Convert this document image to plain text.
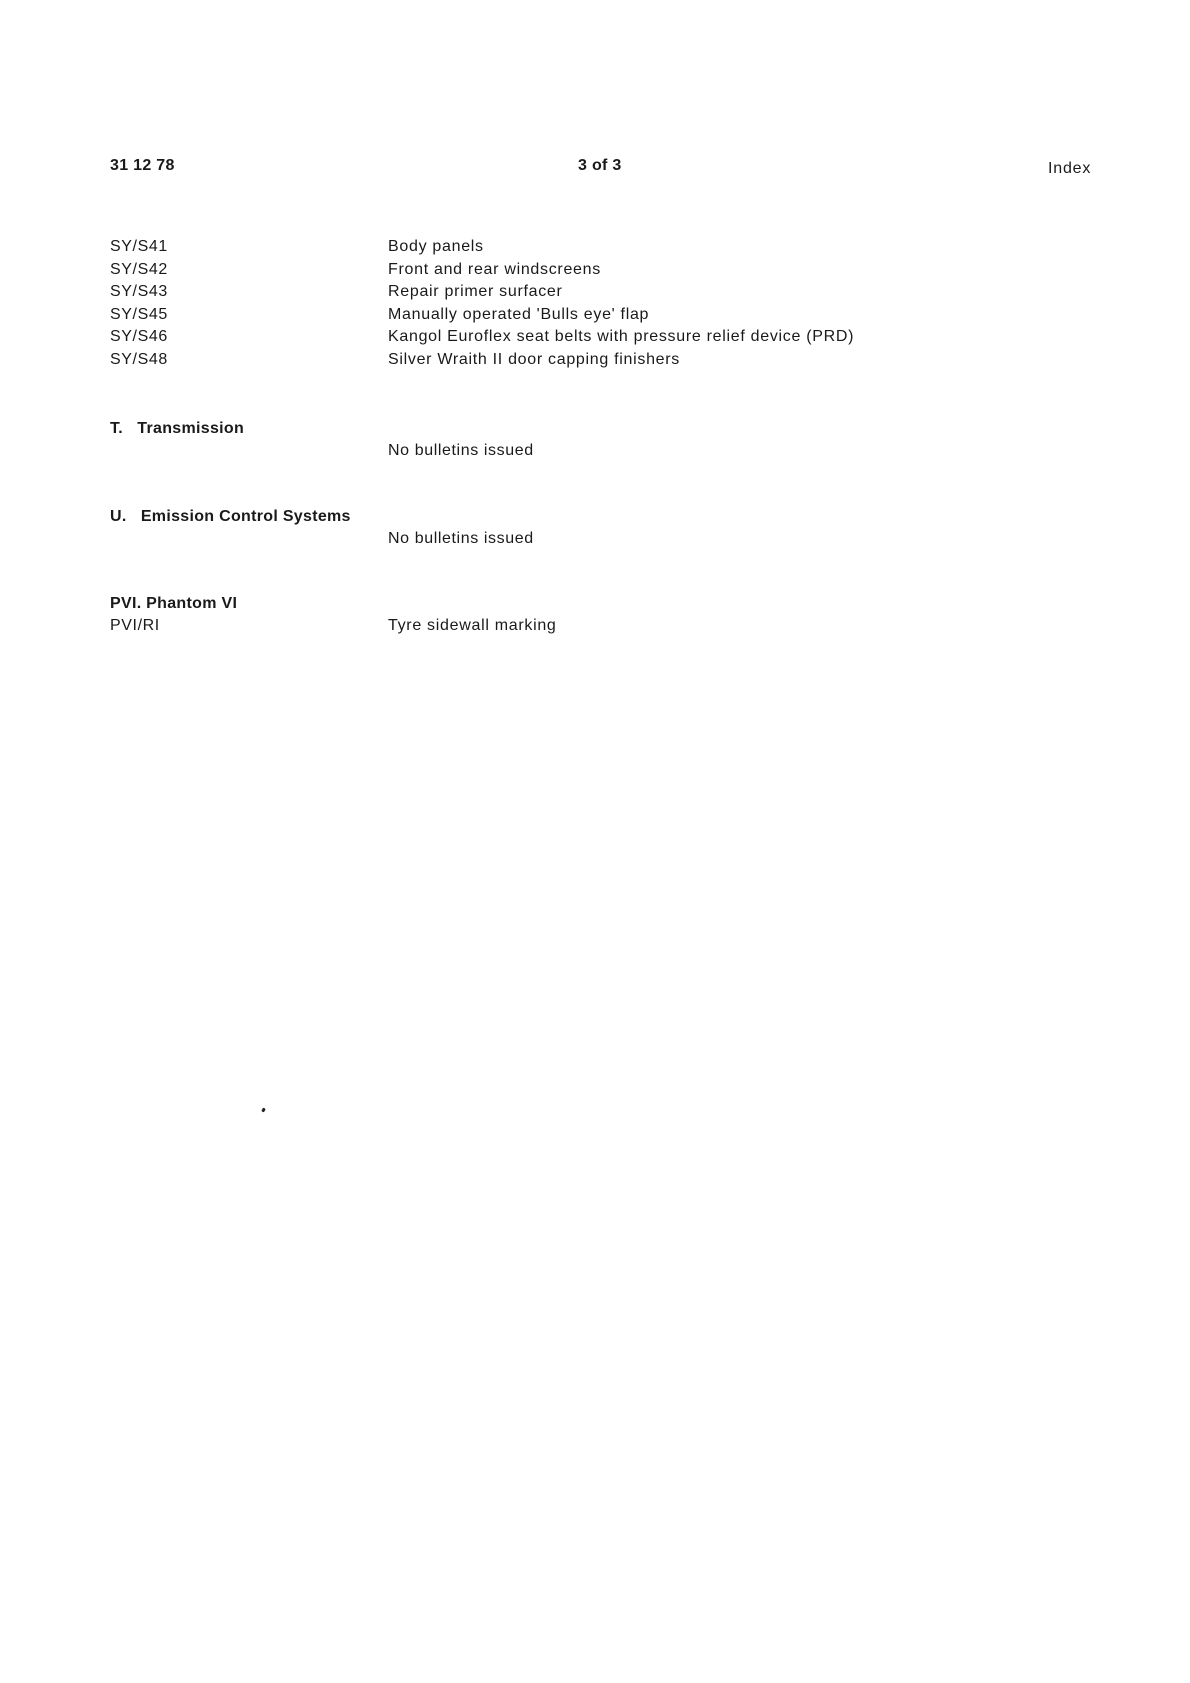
31 12 78	3 of 3	Index
SY/S41	Body panels
SY/S42	Front and rear windscreens
SY/S43	Repair primer surfacer
SY/S45	Manually operated 'Bulls eye' flap
SY/S46	Kangol Euroflex seat belts with pressure relief device (PRD)
SY/S48	Silver Wraith II door capping finishers
T.   Transmission
No bulletins issued
U.   Emission Control Systems
No bulletins issued
PVI. Phantom VI
PVI/RI	Tyre sidewall marking
